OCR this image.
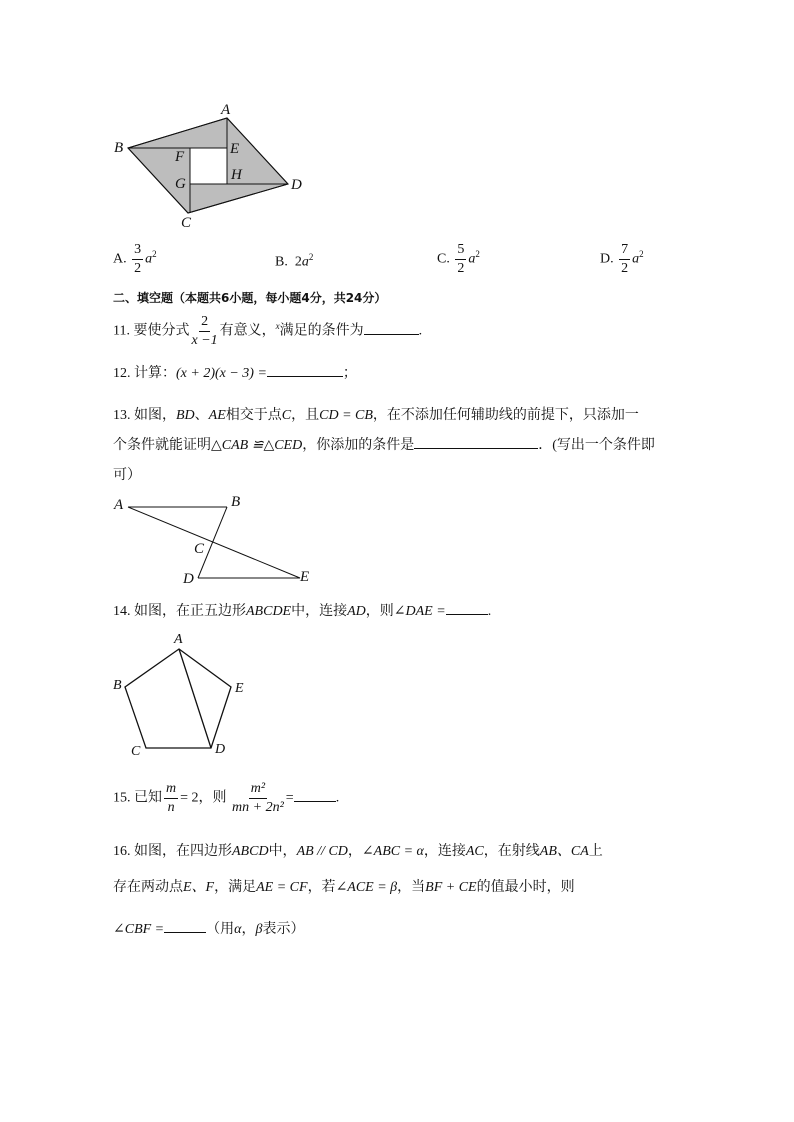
A
B	E
F
G
H
D
C
A. $\frac{3}{2} a^2$
B. $2a^2$	C. $\frac{5}{2} a^2$	D. $\frac{7}{2} a^2$
二、填空题（本题共6小题，每小题4分，共24分）
11. 要使分式 $\frac{2}{x -1}$ 有意义，$^x$满足的条件为	.
12. 计算：(x + 2)(x − 3) =	；
13. 如图，BD、AE相交于点C，且CD = CB，在不添加任何辅助线的前提下，只添加一
个条件就能证明△CAB ≌△CED，你添加的条件是	．(写出一个条件即
可）
A	B
C
D	E
14. 如图，在正五边形ABCDE中，连接AD，则∠DAE =	.
A
B	E
C	D
15. 已知 $\frac{m}{n} = 2$，则 $\frac{\text{m²}}{\text{mn + 2n²}}$ =	.
16. 如图，在四边形ABCD中，AB // CD，∠ABC = α，连接AC，在射线AB、CA上
存在两动点E、F，满足AE = CF，若∠ACE = β，当BF + CE的值最小时，则
∠CBF =	（用α，β表示）
